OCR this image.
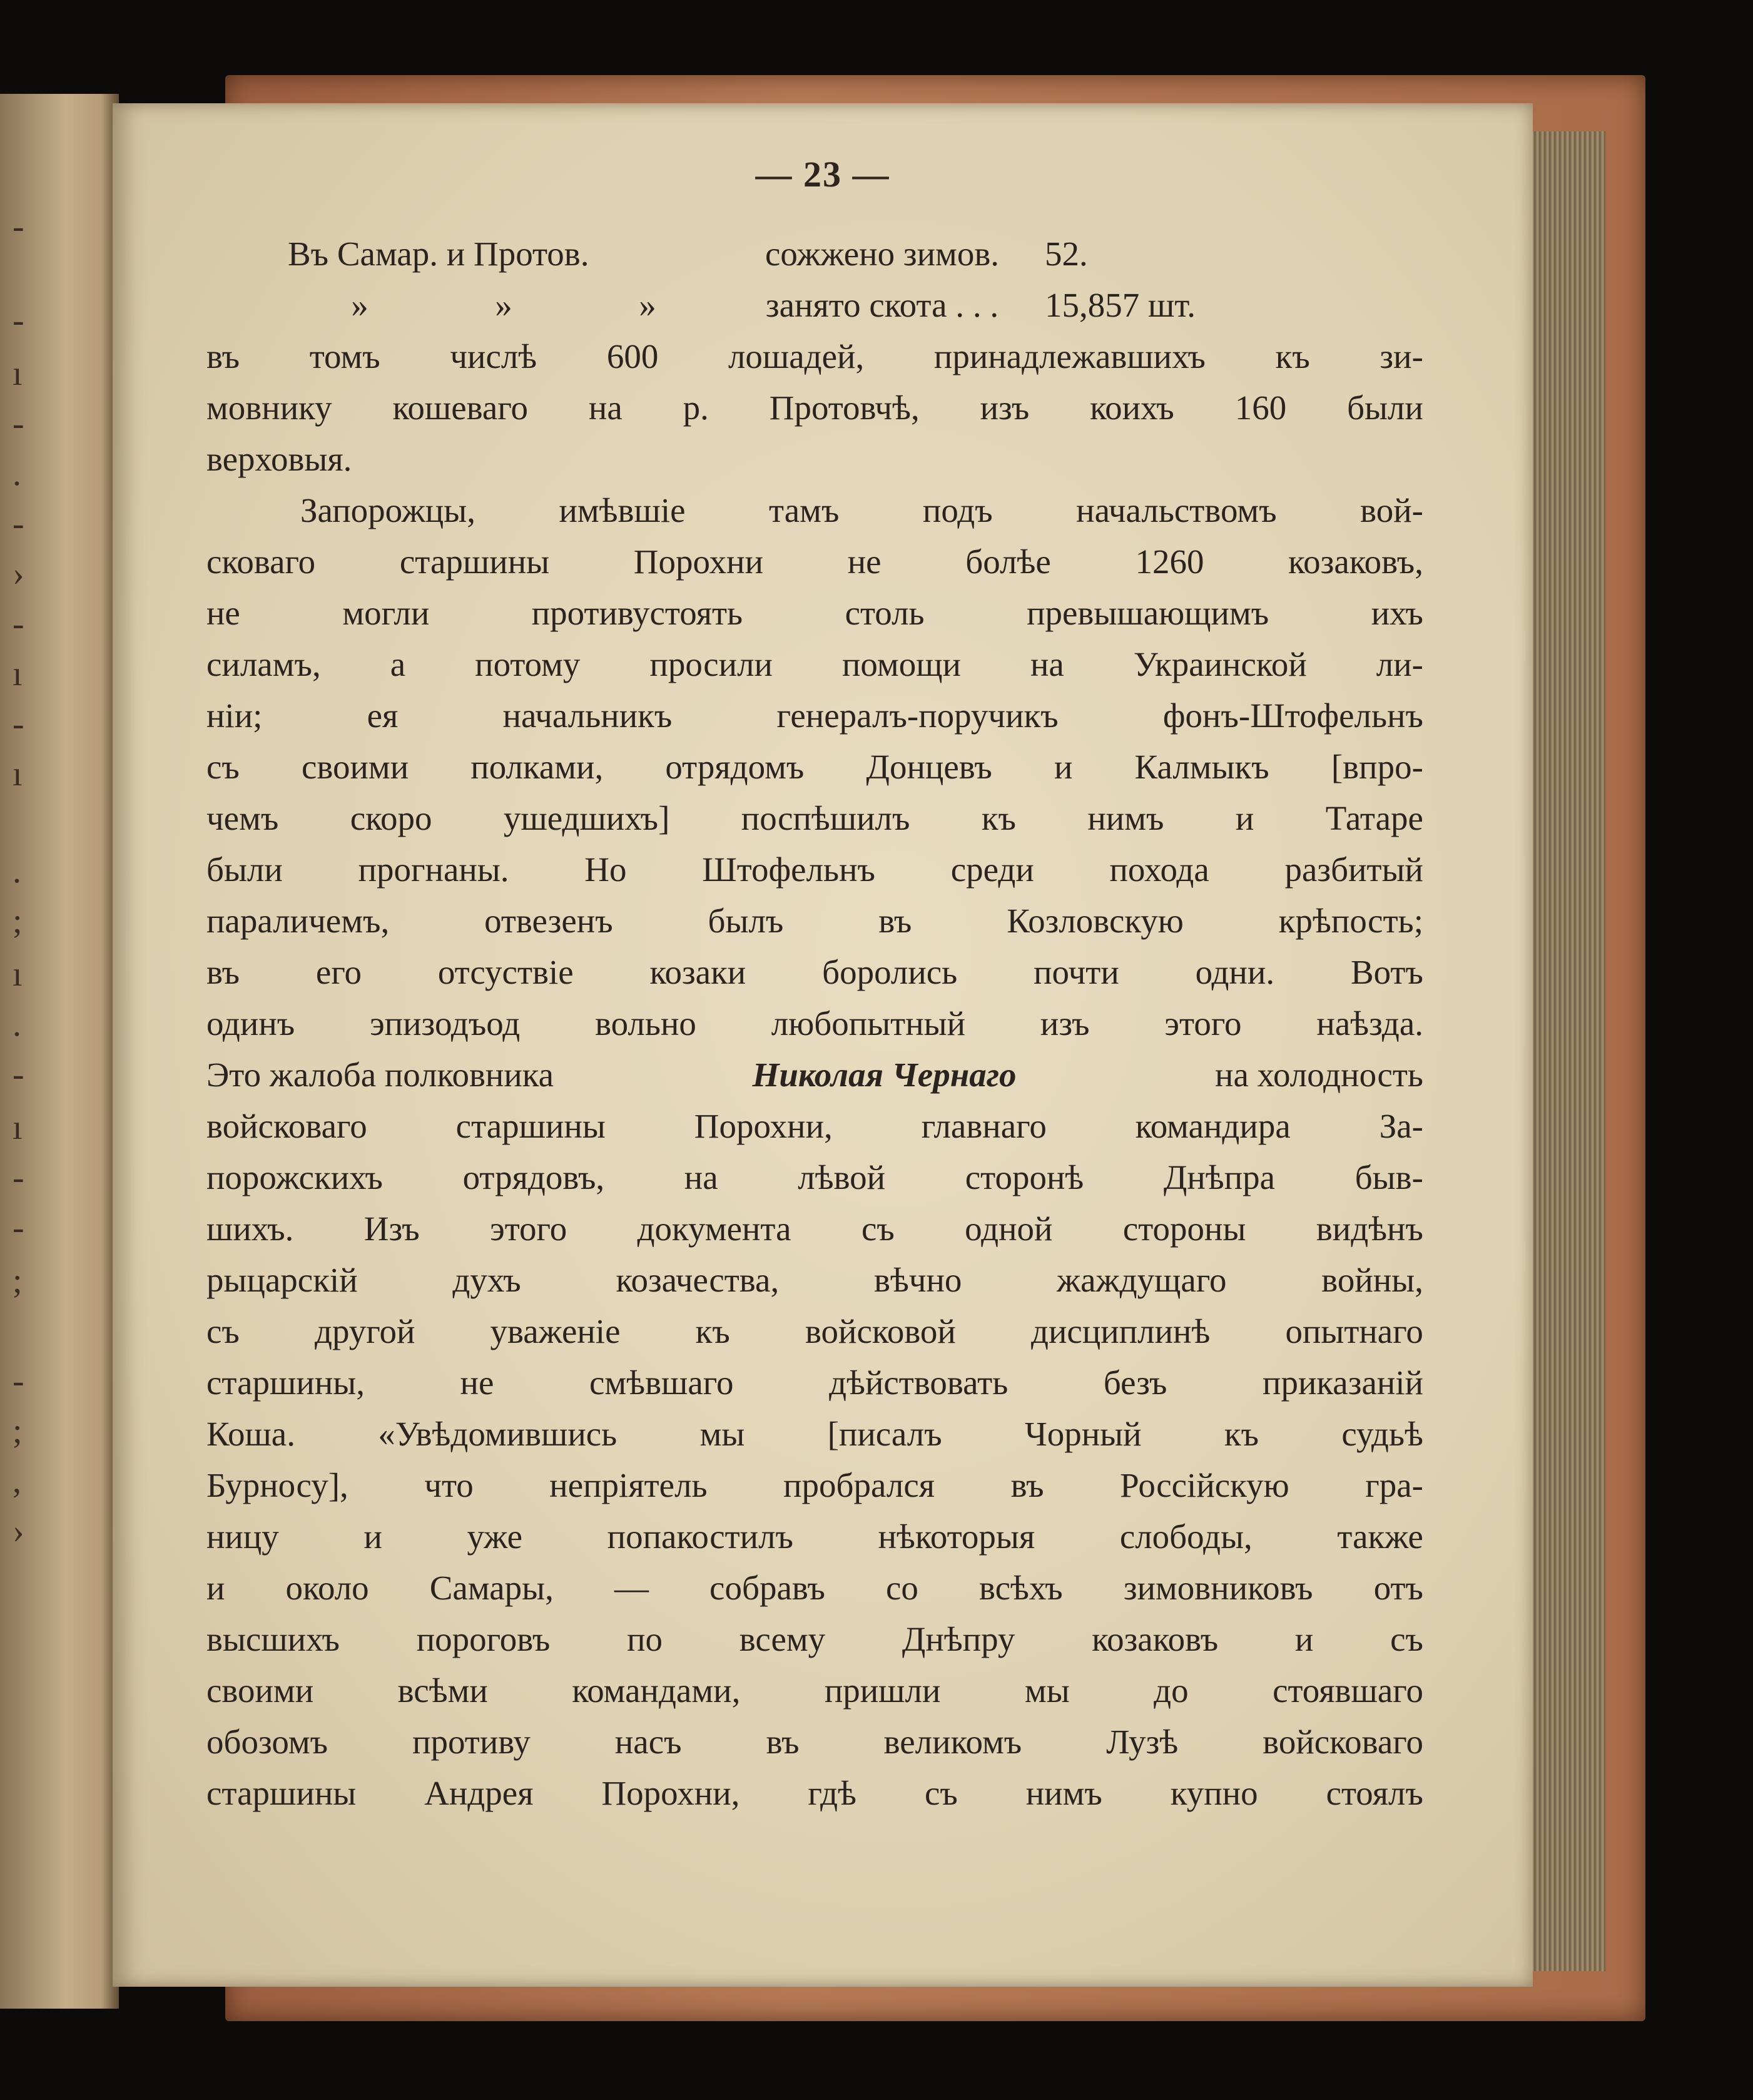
-
-
ı
-
.
-
›
-
ı
-
ı
.
;
ı
.
-
ı
-
-
;
-
;
,
›
— 23 —
Въ Самар. и Протов.	сожжено зимов.	52.
»	»	»	занято скота . . .	15,857 шт.
въ томъ числѣ 600 лошадей, принадлежавшихъ къ зи-
мовнику кошеваго на р. Протовчѣ, изъ коихъ 160 были
верховыя.
Запорожцы, имѣвшіе тамъ подъ начальствомъ вой-
сковаго старшины Порохни не болѣе 1260 козаковъ,
не	могли	противустоять	столь	превышающимъ	ихъ
силамъ, а потому просили помощи на Украинской ли-
ніи;	ея	начальникъ	генералъ-поручикъ	фонъ-Штофельнъ
съ своими полками, отрядомъ Донцевъ и Калмыкъ [впро-
чемъ скоро ушедшихъ] поспѣшилъ къ нимъ и Татаре
были прогнаны. Но Штофельнъ среди похода разбитый
параличемъ,	отвезенъ	былъ	въ	Козловскую	крѣпость;
въ его отсуствіе козаки боролись почти одни. Вотъ
одинъ эпизодъод вольно любопытный изъ этого наѣзда.
Это жалоба полковника	Николая Чернаго	на холодность
войсковаго	старшины	Порохни,	главнаго	командира	За-
порожскихъ отрядовъ, на лѣвой сторонѣ Днѣпра быв-
шихъ. Изъ этого документа съ одной стороны видѣнъ
рыцарскій	духъ	козачества,	вѣчно	жаждущаго	войны,
съ другой уваженіе къ войсковой дисциплинѣ опытнаго
старшины,	не	смѣвшаго	дѣйствовать	безъ	приказаній
Коша. «Увѣдомившись мы [писалъ Чорный къ судьѣ
Бурносу], что непріятель пробрался въ Россійскую гра-
ницу и уже попакостилъ нѣкоторыя слободы, также
и около Самары, — собравъ со всѣхъ зимовниковъ отъ
высшихъ пороговъ по всему Днѣпру козаковъ и съ
своими всѣми командами, пришли мы до стоявшаго
обозомъ противу насъ въ великомъ Лузѣ войсковаго
старшины Андрея Порохни, гдѣ съ нимъ купно стоялъ
